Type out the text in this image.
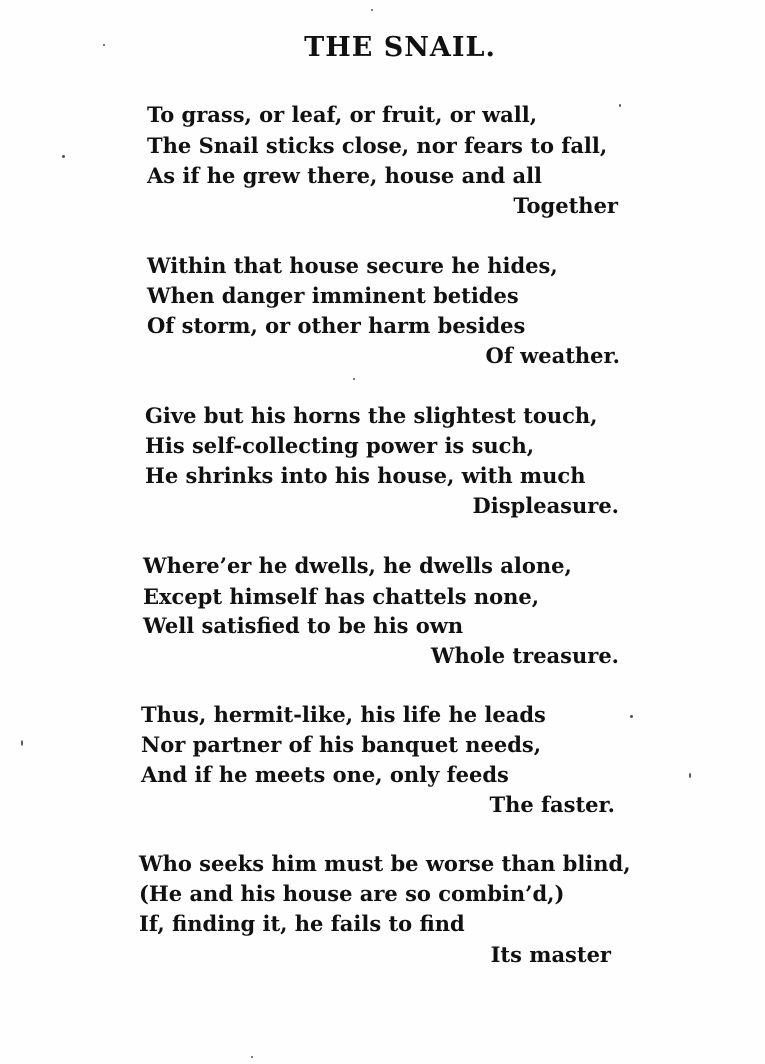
THE SNAIL.
To grass, or leaf, or fruit, or wall,
The Snail sticks close, nor fears to fall,
As if he grew there, house and all
Together
Within that house secure he hides,
When danger imminent betides
Of storm, or other harm besides
Of weather.
Give but his horns the slightest touch,
His self-collecting power is such,
He shrinks into his house, with much
Displeasure.
Where’er he dwells, he dwells alone,
Except himself has chattels none,
Well satisfied to be his own
Whole treasure.
Thus, hermit-like, his life he leads
Nor partner of his banquet needs,
And if he meets one, only feeds
The faster.
Who seeks him must be worse than blind,
(He and his house are so combin’d,)
If, finding it, he fails to find
Its master
